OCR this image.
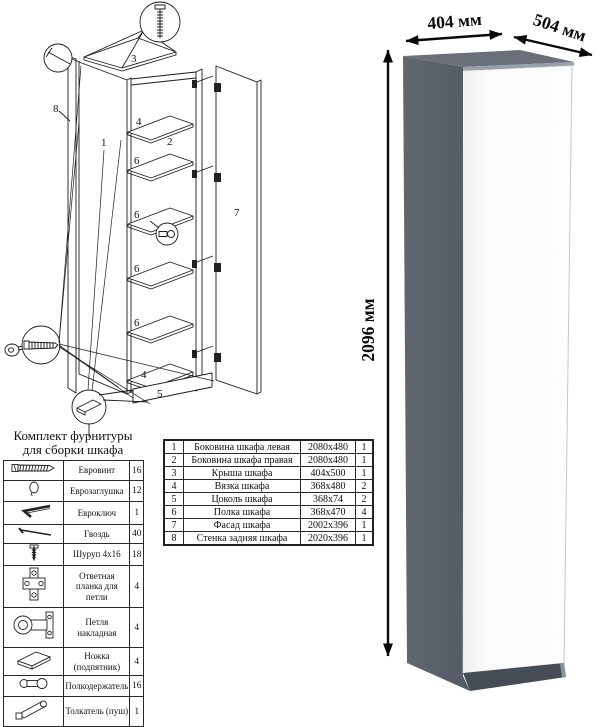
1	2
3
4
6
6
6
6
4
5
7
8
Комплект фурнитуры
для сборки шкафа
	Евровинт	16
	Еврозаглушка	12
	Евроключ	1
	Гвоздь	40
	Шуруп 4x16	18
	Ответная планка для петли	4
	Петля накладная	4
	Ножка (подпятник)	4
	Полкодержатель	16
	Толкатель (пуш)	1
1	Боковина шкафа левая	2080x480	1
2	Боковина шкафа правая	2080x480	1
3	Крыша шкафа	404x500	1
4	Вязка шкафа	368x480	2
5	Цоколь шкафа	368x74	2
6	Полка шкафа	368x470	4
7	Фасад шкафа	2002x396	1
8	Стенка задняя шкафа	2020x396	1
2096 мм
404 мм	504 мм
